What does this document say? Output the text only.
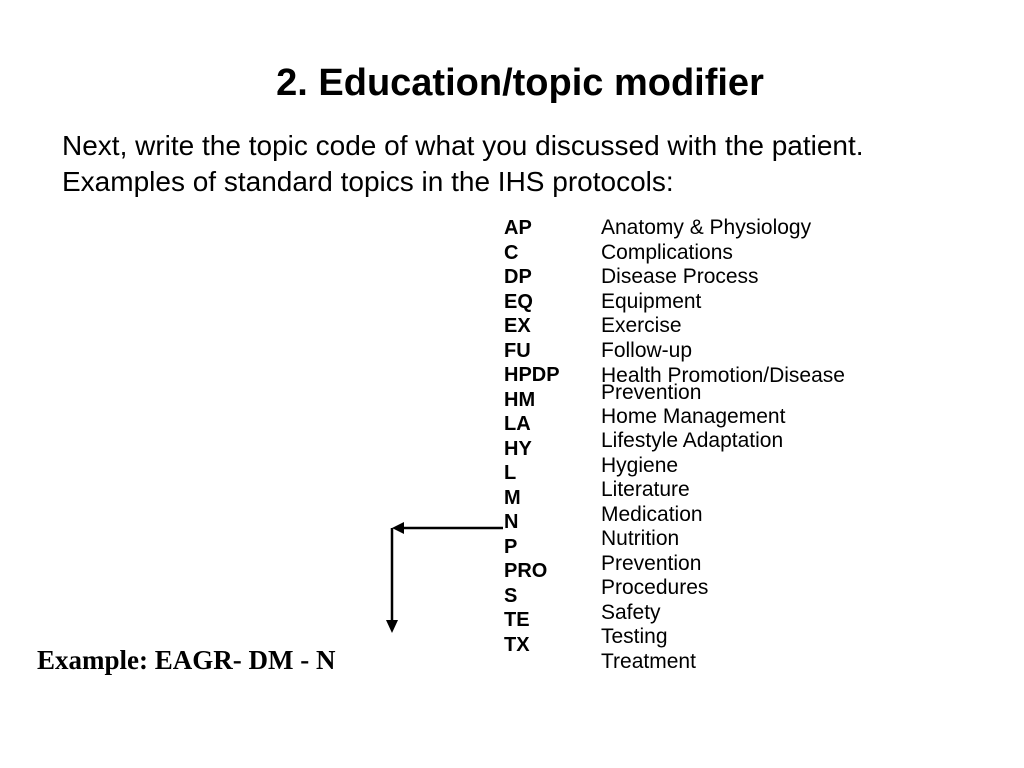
2. Education/topic modifier

Next, write the topic code of what you discussed with the patient. Examples of standard topics in the IHS protocols:

AP
C
DP
EQ
EX
FU
HPDP
HM
LA
HY
L
M
N
P
PRO
S
TE
TX
Anatomy & Physiology
Complications
Disease Process
Equipment
Exercise
Follow-up
Health Promotion/Disease Prevention
Home Management
Lifestyle Adaptation
Hygiene
Literature
Medication
Nutrition
Prevention
Procedures
Safety
Testing
Treatment

Example: EAGR- DM - N
